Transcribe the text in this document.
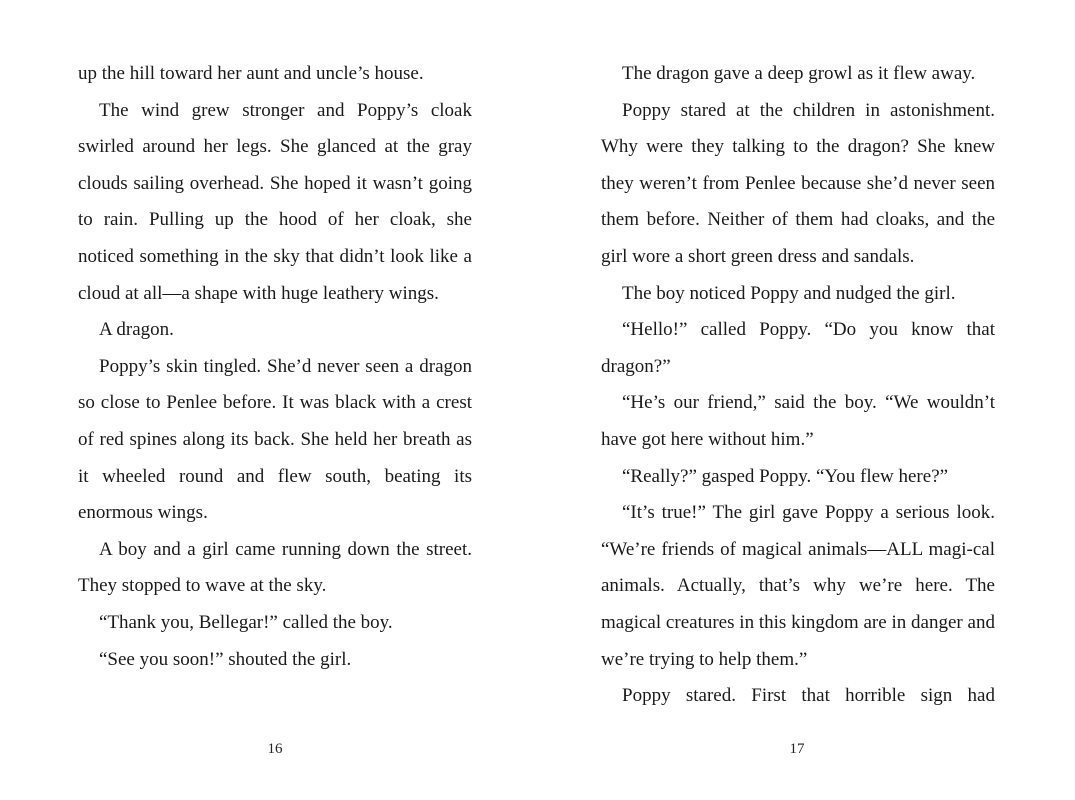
up the hill toward her aunt and uncle’s house.

The wind grew stronger and Poppy’s cloak swirled around her legs. She glanced at the gray clouds sailing overhead. She hoped it wasn’t going to rain. Pulling up the hood of her cloak, she noticed something in the sky that didn’t look like a cloud at all—a shape with huge leathery wings.

A dragon.

Poppy’s skin tingled. She’d never seen a dragon so close to Penlee before. It was black with a crest of red spines along its back. She held her breath as it wheeled round and flew south, beating its enormous wings.

A boy and a girl came running down the street. They stopped to wave at the sky.

“Thank you, Bellegar!” called the boy.

“See you soon!” shouted the girl.

The dragon gave a deep growl as it flew away.

Poppy stared at the children in astonishment. Why were they talking to the dragon? She knew they weren’t from Penlee because she’d never seen them before. Neither of them had cloaks, and the girl wore a short green dress and sandals.

The boy noticed Poppy and nudged the girl.

“Hello!” called Poppy. “Do you know that dragon?”

“He’s our friend,” said the boy. “We wouldn’t have got here without him.”

“Really?” gasped Poppy. “You flew here?”

“It’s true!” The girl gave Poppy a serious look. “We’re friends of magical animals—ALL magi-cal animals. Actually, that’s why we’re here. The magical creatures in this kingdom are in danger and we’re trying to help them.”

Poppy stared. First that horrible sign had

16	17
